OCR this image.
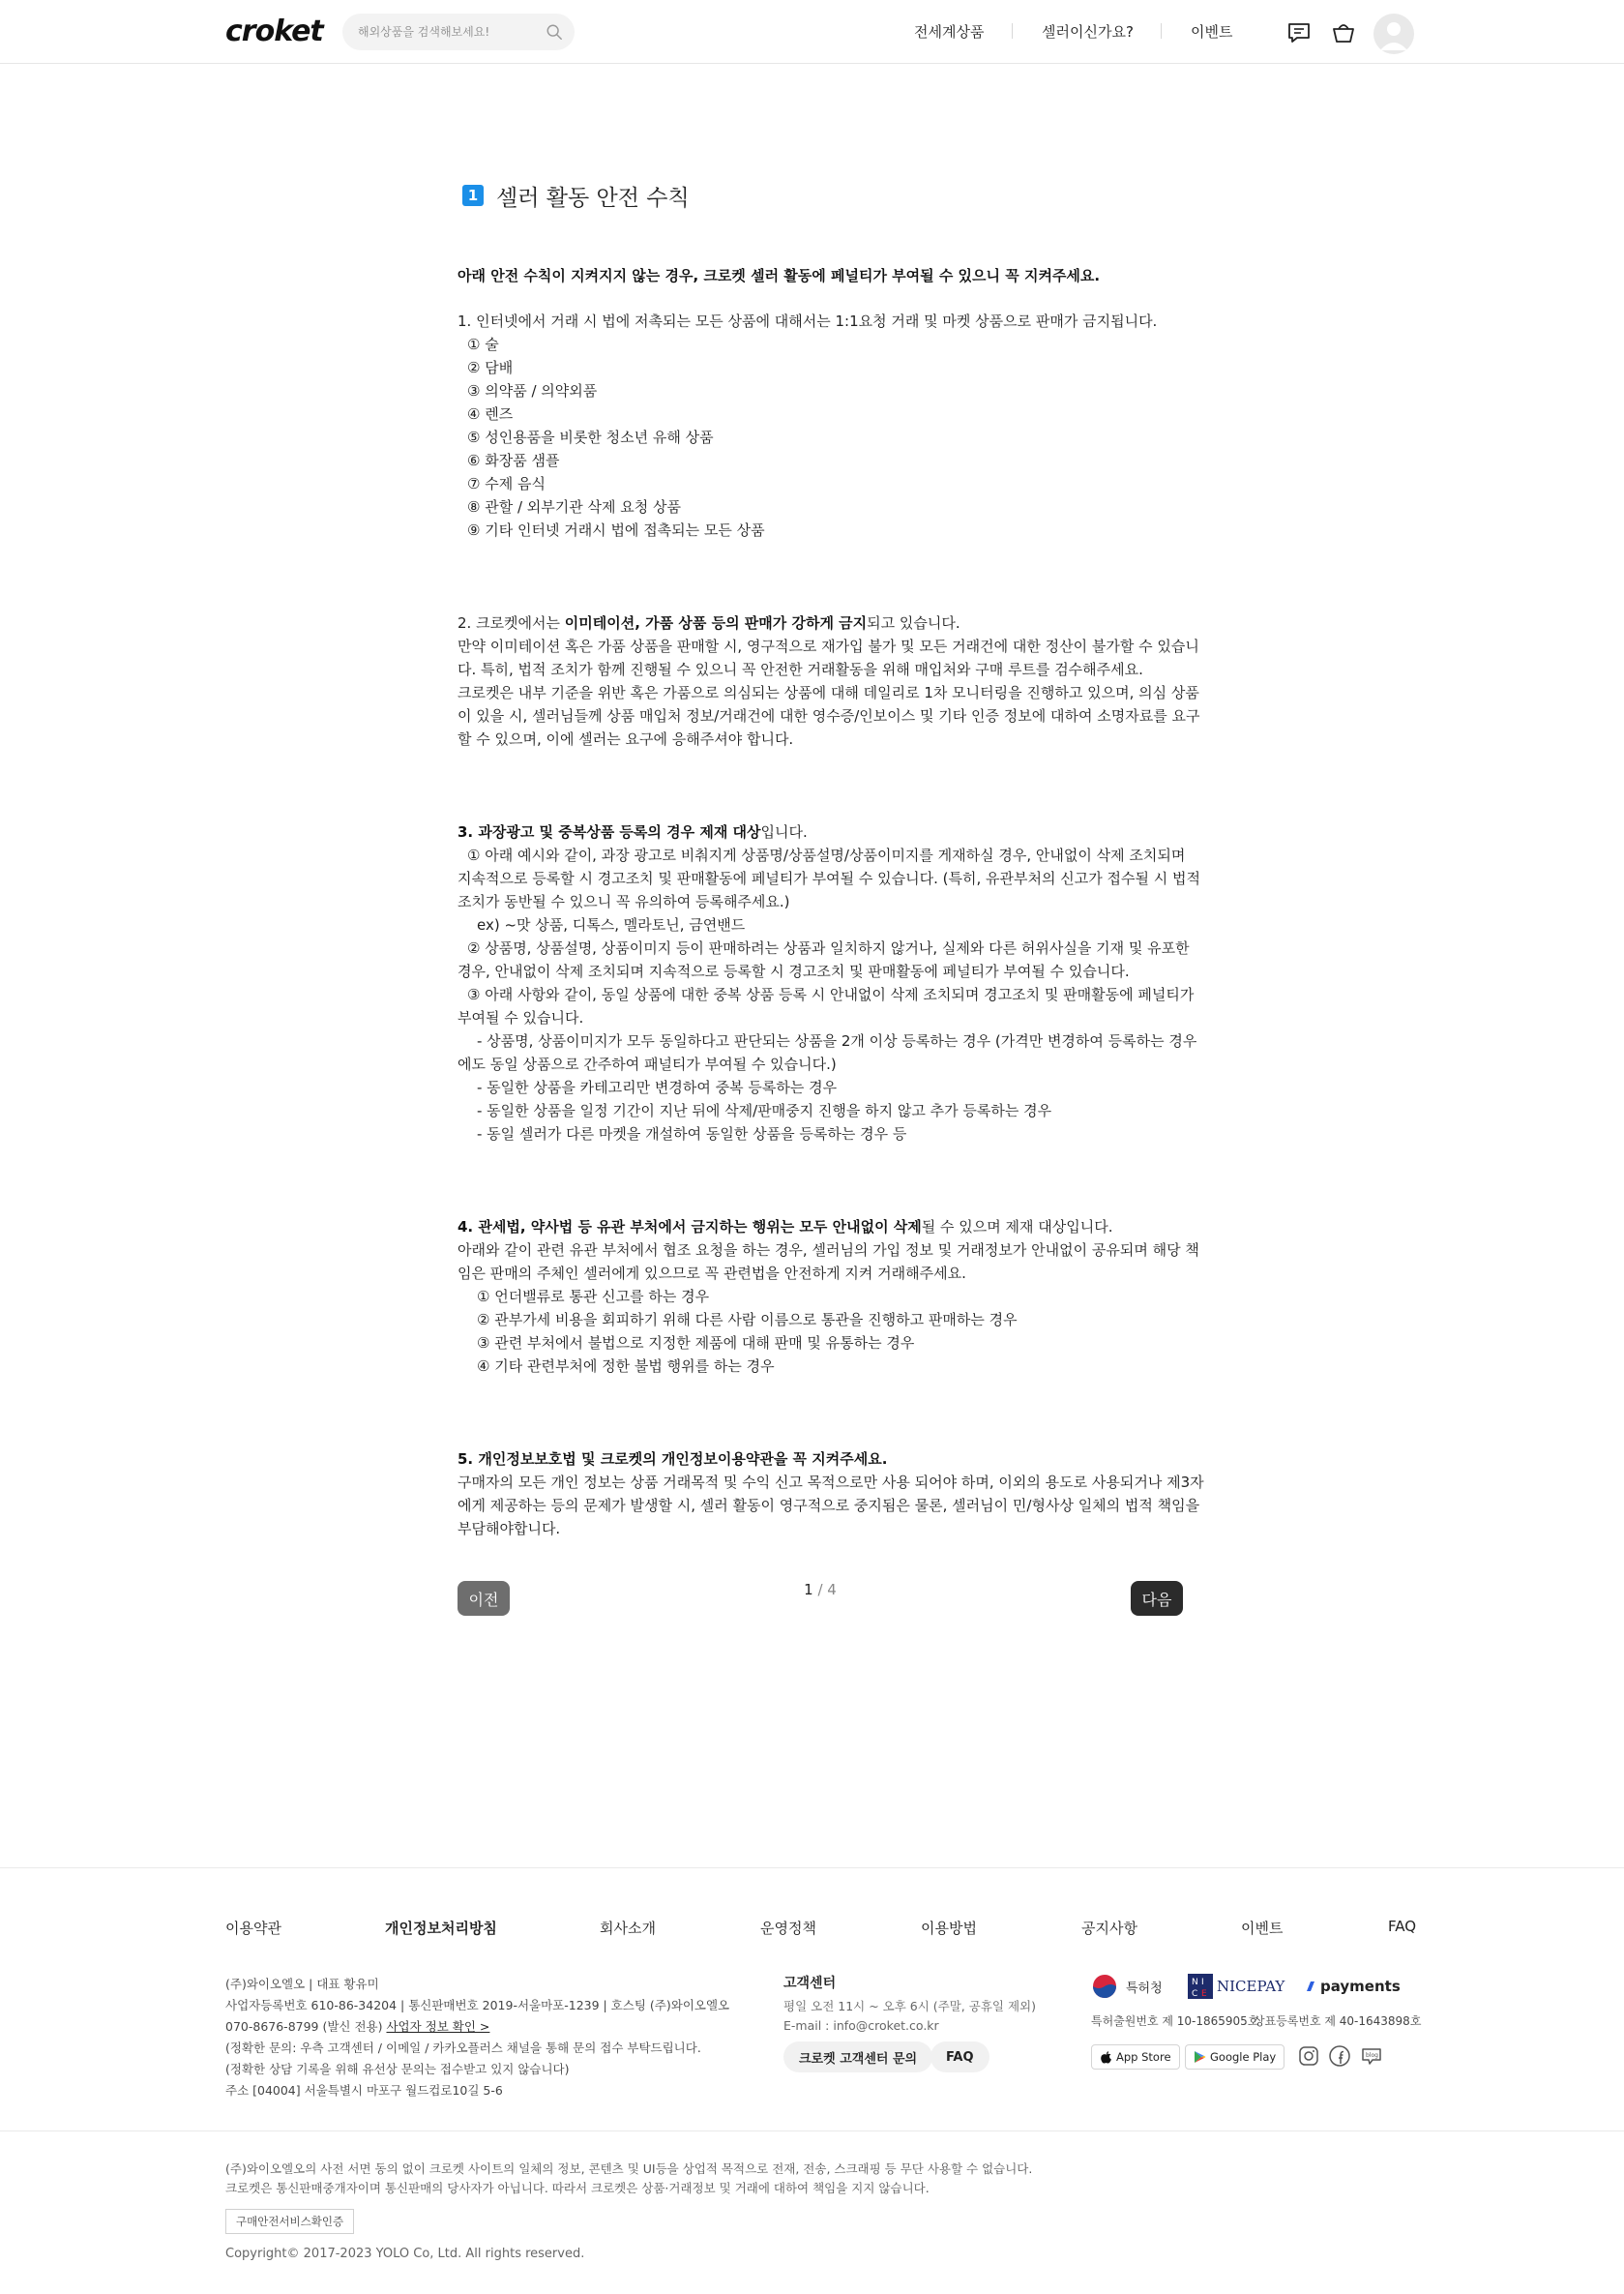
croket
해외상품을 검색해보세요!	전세계상품	셀러이신가요?	이벤트
1 셀러 활동 안전 수칙
아래 안전 수칙이 지켜지지 않는 경우, 크로켓 셀러 활동에 페널티가 부여될 수 있으니 꼭 지켜주세요.
1. 인터넷에서 거래 시 법에 저촉되는 모든 상품에 대해서는 1:1요청 거래 및 마켓 상품으로 판매가 금지됩니다.
① 술
② 담배
③ 의약품 / 의약외품
④ 렌즈
⑤ 성인용품을 비롯한 청소년 유해 상품
⑥ 화장품 샘플
⑦ 수제 음식
⑧ 관할 / 외부기관 삭제 요청 상품
⑨ 기타 인터넷 거래시 법에 접촉되는 모든 상품
2. 크로켓에서는 이미테이션, 가품 상품 등의 판매가 강하게 금지되고 있습니다.
만약 이미테이션 혹은 가품 상품을 판매할 시, 영구적으로 재가입 불가 및 모든 거래건에 대한 정산이 불가할 수 있습니
다. 특히, 법적 조치가 함께 진행될 수 있으니 꼭 안전한 거래활동을 위해 매입처와 구매 루트를 검수해주세요.
크로켓은 내부 기준을 위반 혹은 가품으로 의심되는 상품에 대해 데일리로 1차 모니터링을 진행하고 있으며, 의심 상품
이 있을 시, 셀러님들께 상품 매입처 정보/거래건에 대한 영수증/인보이스 및 기타 인증 정보에 대하여 소명자료를 요구
할 수 있으며, 이에 셀러는 요구에 응해주셔야 합니다.
3. 과장광고 및 중복상품 등록의 경우 제재 대상입니다.
① 아래 예시와 같이, 과장 광고로 비춰지게 상품명/상품설명/상품이미지를 게재하실 경우, 안내없이 삭제 조치되며
지속적으로 등록할 시 경고조치 및 판매활동에 페널티가 부여될 수 있습니다. (특히, 유관부처의 신고가 접수될 시 법적
조치가 동반될 수 있으니 꼭 유의하여 등록해주세요.)
ex) ~맛 상품, 디톡스, 멜라토닌, 금연밴드
② 상품명, 상품설명, 상품이미지 등이 판매하려는 상품과 일치하지 않거나, 실제와 다른 허위사실을 기재 및 유포한
경우, 안내없이 삭제 조치되며 지속적으로 등록할 시 경고조치 및 판매활동에 페널티가 부여될 수 있습니다.
③ 아래 사항와 같이, 동일 상품에 대한 중복 상품 등록 시 안내없이 삭제 조치되며 경고조치 및 판매활동에 페널티가
부여될 수 있습니다.
- 상품명, 상품이미지가 모두 동일하다고 판단되는 상품을 2개 이상 등록하는 경우 (가격만 변경하여 등록하는 경우
에도 동일 상품으로 간주하여 패널티가 부여될 수 있습니다.)
- 동일한 상품을 카테고리만 변경하여 중복 등록하는 경우
- 동일한 상품을 일정 기간이 지난 뒤에 삭제/판매중지 진행을 하지 않고 추가 등록하는 경우
- 동일 셀러가 다른 마켓을 개설하여 동일한 상품을 등록하는 경우 등
4. 관세법, 약사법 등 유관 부처에서 금지하는 행위는 모두 안내없이 삭제될 수 있으며 제재 대상입니다.
아래와 같이 관련 유관 부처에서 협조 요청을 하는 경우, 셀러님의 가입 정보 및 거래정보가 안내없이 공유되며 해당 책
임은 판매의 주체인 셀러에게 있으므로 꼭 관련법을 안전하게 지켜 거래해주세요.
① 언더밸류로 통관 신고를 하는 경우
② 관부가세 비용을 회피하기 위해 다른 사람 이름으로 통관을 진행하고 판매하는 경우
③ 관련 부처에서 불법으로 지정한 제품에 대해 판매 및 유통하는 경우
④ 기타 관련부처에 정한 불법 행위를 하는 경우
5. 개인정보보호법 및 크로켓의 개인정보이용약관을 꼭 지켜주세요.
구매자의 모든 개인 정보는 상품 거래목적 및 수익 신고 목적으로만 사용 되어야 하며, 이외의 용도로 사용되거나 제3자
에게 제공하는 등의 문제가 발생할 시, 셀러 활동이 영구적으로 중지됨은 물론, 셀러님이 민/형사상 일체의 법적 책임을
부담해야합니다.
이전
1 / 4
다음
이용약관	개인정보처리방침	회사소개	운영정책	이용방법	공지사항	이벤트	FAQ
(주)와이오엘오 | 대표 황유미
사업자등록번호 610-86-34204 | 통신판매번호 2019-서울마포-1239 | 호스팅 (주)와이오엘오
070-8676-8799 (발신 전용) 사업자 정보 확인 >
(정확한 문의: 우측 고객센터 / 이메일 / 카카오플러스 채널을 통해 문의 접수 부탁드립니다.
(정확한 상담 기록을 위해 유선상 문의는 접수받고 있지 않습니다)
주소 [04004] 서울특별시 마포구 월드컵로10길 5-6
고객센터
평일 오전 11시 ~ 오후 6시 (주말, 공휴일 제외)
E-mail : info@croket.co.kr
크로켓 고객센터 문의	FAQ
특허청	N I
C E NICEPAY payments
특허출원번호 제 10-1865905호
상표등록번호 제 40-1643898호
App Store	Google Play	blog
(주)와이오엘오의 사전 서면 동의 없이 크로켓 사이트의 일체의 정보, 콘텐츠 및 UI등을 상업적 목적으로 전재, 전송, 스크래핑 등 무단 사용할 수 없습니다.
크로켓은 통신판매중개자이며 통신판매의 당사자가 아닙니다. 따라서 크로켓은 상품·거래정보 및 거래에 대하여 책임을 지지 않습니다.
구매안전서비스확인증
Copyright© 2017-2023 YOLO Co, Ltd. All rights reserved.
